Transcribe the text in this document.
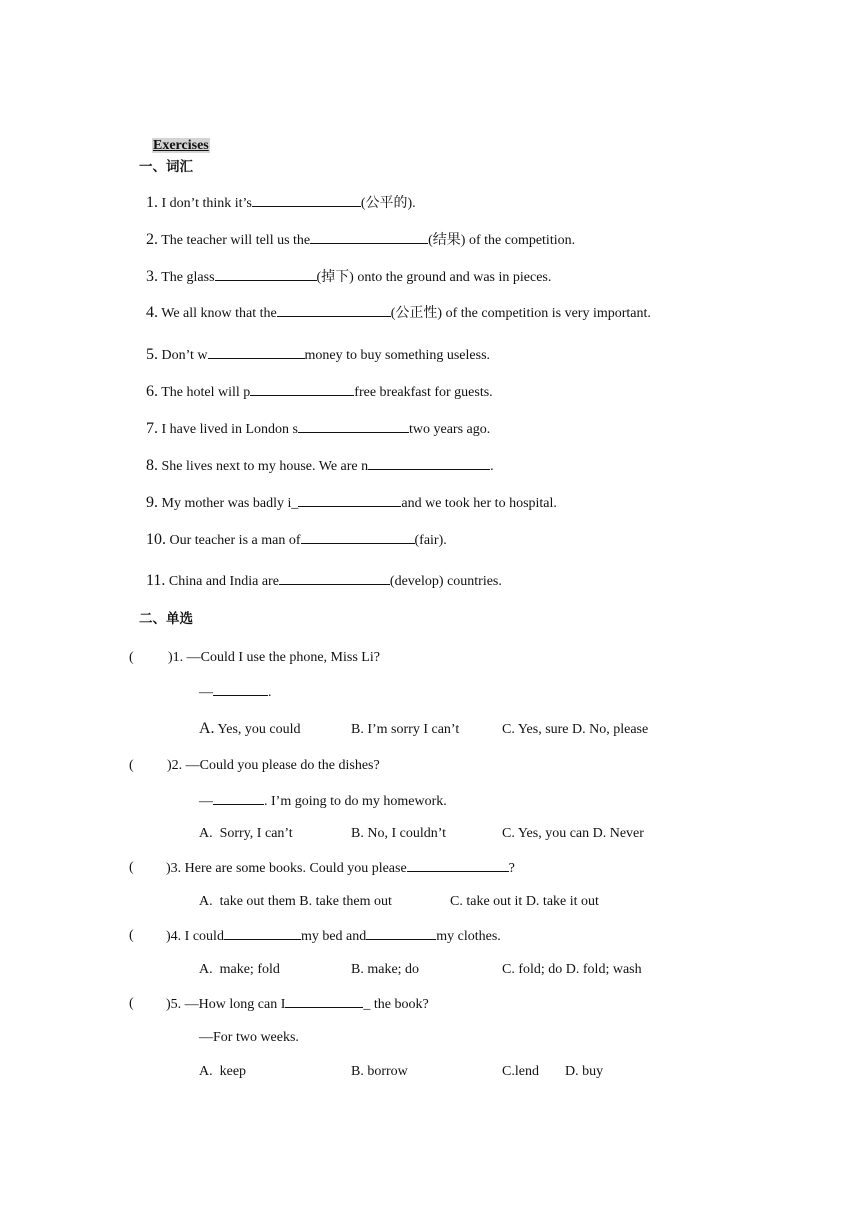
Exercises

一、词汇
1. I don’t think it’s	(公平的).
2. The teacher will tell us the	(结果) of the competition.
3. The glass	(掉下) onto the ground and was in pieces.
4. We all know that the	(公正性) of the competition is very important.
5. Don’t w	money to buy something useless.
6. The hotel will p	free breakfast for guests.
7. I have lived in London s	two years ago.
8. She lives next to my house. We are n	.
9. My mother was badly i_	and we took her to hospital.
10. Our teacher is a man of	(fair).
11. China and India are	(develop) countries.
二、单选
( )1. —Could I use the phone, Miss Li?
—	.
A. Yes, you could	B. I’m sorry I can’t	C. Yes, sure D. No, please
( )2. —Could you please do the dishes?
—	. I’m going to do my homework.
A.  Sorry, I can’t	B. No, I couldn’t	C. Yes, you can D. Never
( )3. Here are some books. Could you please	?
A.  take out them B. take them out	C. take out it D. take it out
( )4. I could	my bed and	my clothes.
A.  make; fold	B. make; do	C. fold; do D. fold; wash
( )5. —How long can I	_ the book?
—For two weeks.
A.  keep	B. borrow	C.lend D. buy
